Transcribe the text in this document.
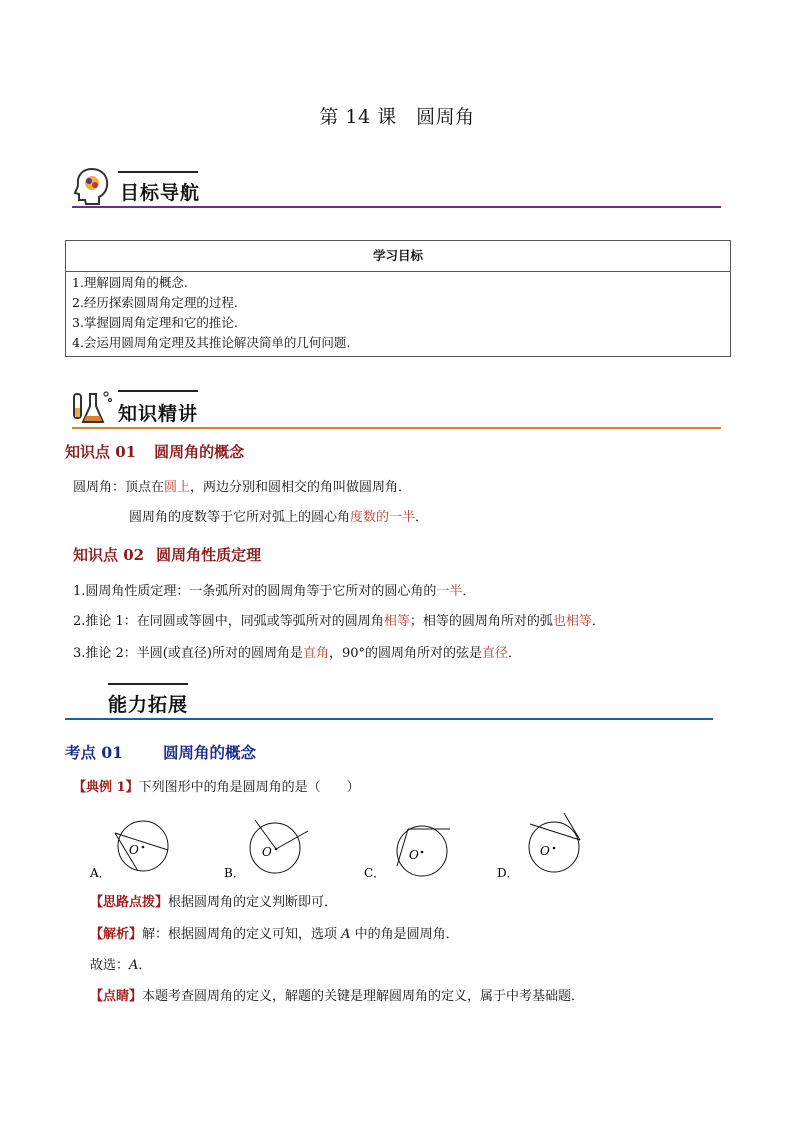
第 14 课　圆周角
目标导航
学习目标
1.理解圆周角的概念.
2.经历探索圆周角定理的过程.
3.掌握圆周角定理和它的推论.
4.会运用圆周角定理及其推论解决简单的几何问题.
知识精讲
知识点 01 圆周角的概念
圆周角：顶点在圆上，两边分别和圆相交的角叫做圆周角．
圆周角的度数等于它所对弧上的圆心角度数的一半．
知识点 02 圆周角性质定理
1.圆周角性质定理：一条弧所对的圆周角等于它所对的圆心角的一半．
2.推论 1：在同圆或等圆中，同弧或等弧所对的圆周角相等；相等的圆周角所对的弧也相等．
3.推论 2：半圆(或直径)所对的圆周角是直角，90°的圆周角所对的弦是直径．
能力拓展
考点 01	圆周角的概念
【典例 1】下列图形中的角是圆周角的是（　　）
O
A．
O
B．
O
C．
O
D．
【思路点拨】根据圆周角的定义判断即可．
【解析】解：根据圆周角的定义可知，选项 A 中的角是圆周角．
故选：A．
【点睛】本题考查圆周角的定义，解题的关键是理解圆周角的定义，属于中考基础题．
